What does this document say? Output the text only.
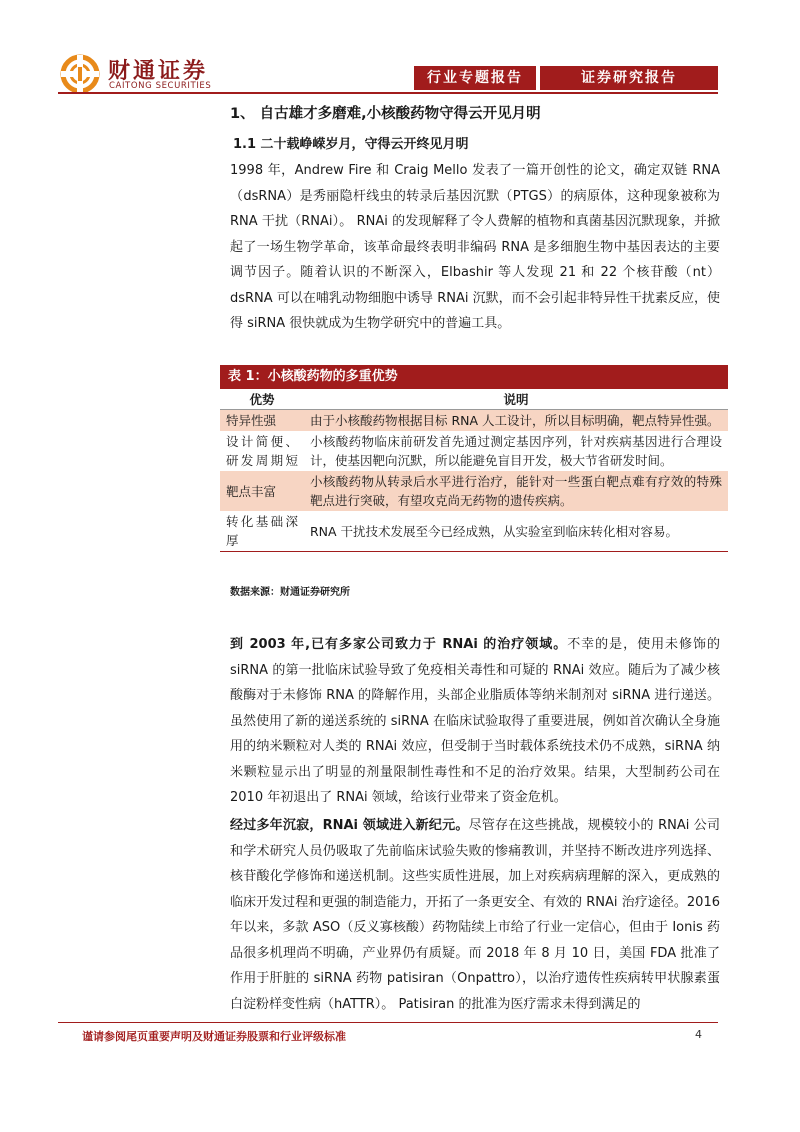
财通证券
CAITONG SECURITIES	行业专题报告	证券研究报告
1、 自古雄才多磨难,小核酸药物守得云开见月明
1.1 二十载峥嵘岁月，守得云开终见月明

1998 年，Andrew Fire 和 Craig Mello 发表了一篇开创性的论文，确定双链 RNA（dsRNA）是秀丽隐杆线虫的转录后基因沉默（PTGS）的病原体，这种现象被称为 RNA 干扰（RNAi）。 RNAi 的发现解释了令人费解的植物和真菌基因沉默现象，并掀起了一场生物学革命，该革命最终表明非编码 RNA 是多细胞生物中基因表达的主要调节因子。随着认识的不断深入，Elbashir 等人发现 21 和 22 个核苷酸（nt）dsRNA 可以在哺乳动物细胞中诱导 RNAi 沉默，而不会引起非特异性干扰素反应，使得 siRNA 很快就成为生物学研究中的普遍工具。

表 1：小核酸药物的多重优势
优势	说明
特异性强	由于小核酸药物根据目标 RNA 人工设计，所以目标明确，靶点特异性强。
设计简便、研发周期短	小核酸药物临床前研发首先通过测定基因序列，针对疾病基因进行合理设计，使基因靶向沉默，所以能避免盲目开发，极大节省研发时间。
靶点丰富	小核酸药物从转录后水平进行治疗，能针对一些蛋白靶点难有疗效的特殊靶点进行突破，有望攻克尚无药物的遗传疾病。
转化基础深厚	RNA 干扰技术发展至今已经成熟，从实验室到临床转化相对容易。
数据来源：财通证券研究所

到 2003 年,已有多家公司致力于 RNAi 的治疗领域。不幸的是，使用未修饰的 siRNA 的第一批临床试验导致了免疫相关毒性和可疑的 RNAi 效应。随后为了减少核酸酶对于未修饰 RNA 的降解作用，头部企业脂质体等纳米制剂对 siRNA 进行递送。虽然使用了新的递送系统的 siRNA 在临床试验取得了重要进展，例如首次确认全身施用的纳米颗粒对人类的 RNAi 效应，但受制于当时载体系统技术仍不成熟，siRNA 纳米颗粒显示出了明显的剂量限制性毒性和不足的治疗效果。结果，大型制药公司在 2010 年初退出了 RNAi 领域，给该行业带来了资金危机。

经过多年沉寂，RNAi 领域进入新纪元。尽管存在这些挑战，规模较小的 RNAi 公司和学术研究人员仍吸取了先前临床试验失败的惨痛教训，并坚持不断改进序列选择、核苷酸化学修饰和递送机制。这些实质性进展，加上对疾病病理解的深入，更成熟的临床开发过程和更强的制造能力，开拓了一条更安全、有效的 RNAi 治疗途径。2016 年以来，多款 ASO（反义寡核酸）药物陆续上市给了行业一定信心，但由于 Ionis 药品很多机理尚不明确，产业界仍有质疑。而 2018 年 8 月 10 日，美国 FDA 批准了作用于肝脏的 siRNA 药物 patisiran（Onpattro），以治疗遗传性疾病转甲状腺素蛋白淀粉样变性病（hATTR）。 Patisiran 的批准为医疗需求未得到满足的

谨请参阅尾页重要声明及财通证券股票和行业评级标准	4
